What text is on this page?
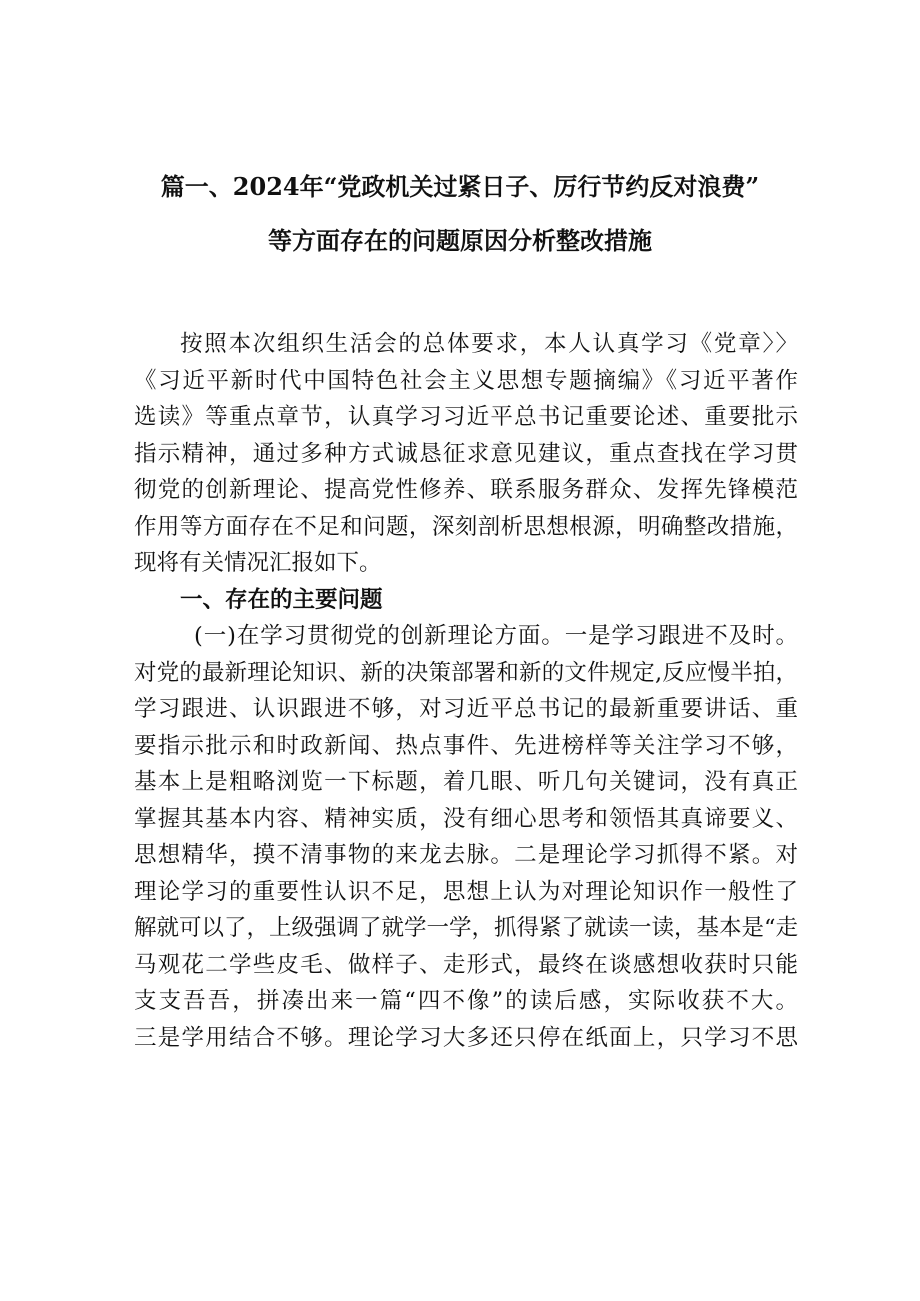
篇一、2024年“党政机关过紧日子、厉行节约反对浪费”
等方面存在的问题原因分析整改措施
按照本次组织生活会的总体要求，本人认真学习《党章〉〉
《习近平新时代中国特色社会主义思想专题摘编》《习近平著作
选读》等重点章节，认真学习习近平总书记重要论述、重要批示
指示精神，通过多种方式诚恳征求意见建议，重点查找在学习贯
彻党的创新理论、提高党性修养、联系服务群众、发挥先锋模范
作用等方面存在不足和问题，深刻剖析思想根源，明确整改措施，
现将有关情况汇报如下。
一、存在的主要问题
(一)在学习贯彻党的创新理论方面。一是学习跟进不及时。
对党的最新理论知识、新的决策部署和新的文件规定,反应慢半拍，
学习跟进、认识跟进不够，对习近平总书记的最新重要讲话、重
要指示批示和时政新闻、热点事件、先进榜样等关注学习不够，
基本上是粗略浏览一下标题，着几眼、听几句关键词，没有真正
掌握其基本内容、精神实质，没有细心思考和领悟其真谛要义、
思想精华，摸不清事物的来龙去脉。二是理论学习抓得不紧。对
理论学习的重要性认识不足，思想上认为对理论知识作一般性了
解就可以了，上级强调了就学一学，抓得紧了就读一读，基本是“走
马观花二学些皮毛、做样子、走形式，最终在谈感想收获时只能
支支吾吾，拼凑出来一篇“四不像”的读后感，实际收获不大。
三是学用结合不够。理论学习大多还只停在纸面上，只学习不思
